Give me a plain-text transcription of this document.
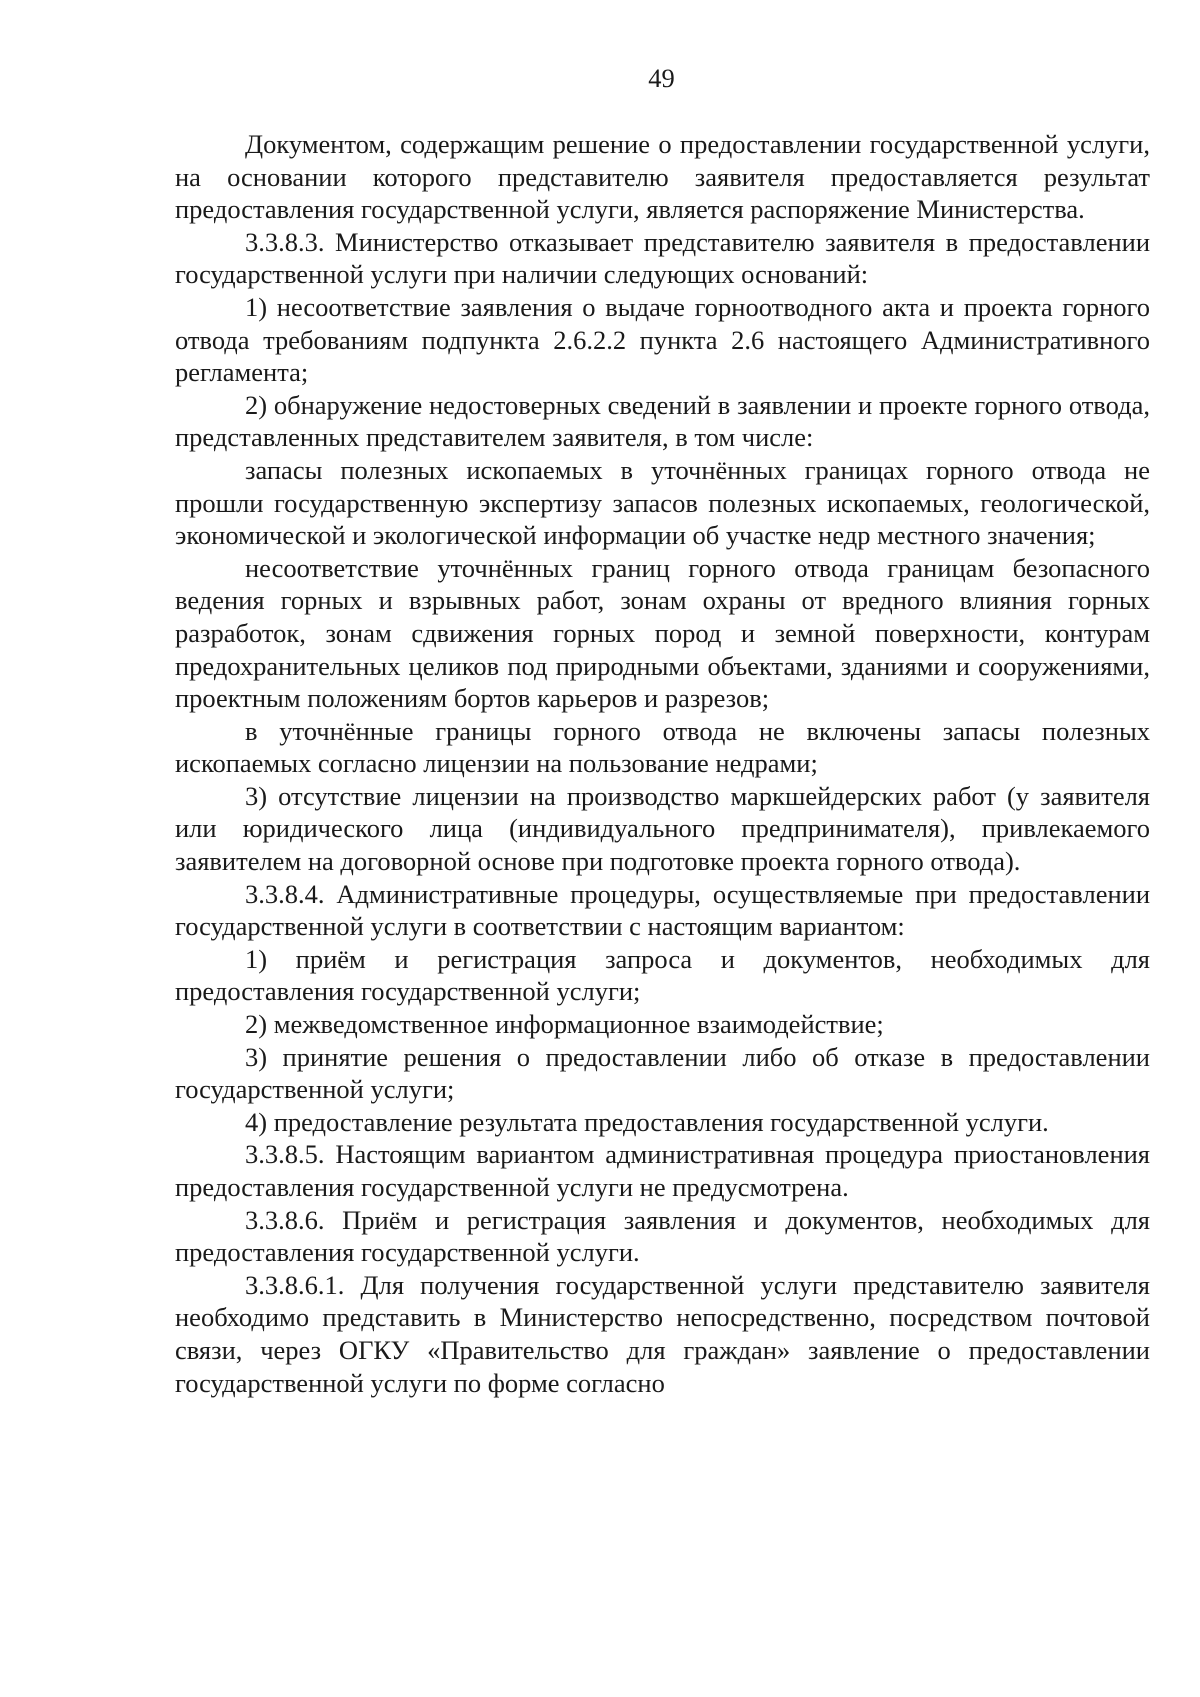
49

Документом, содержащим решение о предоставлении государственной услуги, на основании которого представителю заявителя предоставляется результат предоставления государственной услуги, является распоряжение Министерства.

3.3.8.3. Министерство отказывает представителю заявителя в предоставлении государственной услуги при наличии следующих оснований:

1) несоответствие заявления о выдаче горноотводного акта и проекта горного отвода требованиям подпункта 2.6.2.2 пункта 2.6 настоящего Административного регламента;

2) обнаружение недостоверных сведений в заявлении и проекте горного отвода, представленных представителем заявителя, в том числе:

запасы полезных ископаемых в уточнённых границах горного отвода не прошли государственную экспертизу запасов полезных ископаемых, геологической, экономической и экологической информации об участке недр местного значения;

несоответствие уточнённых границ горного отвода границам безопасного ведения горных и взрывных работ, зонам охраны от вредного влияния горных разработок, зонам сдвижения горных пород и земной поверхности, контурам предохранительных целиков под природными объектами, зданиями и сооружениями, проектным положениям бортов карьеров и разрезов;

в уточнённые границы горного отвода не включены запасы полезных ископаемых согласно лицензии на пользование недрами;

3) отсутствие лицензии на производство маркшейдерских работ (у заявителя или юридического лица (индивидуального предпринимателя), привлекаемого заявителем на договорной основе при подготовке проекта горного отвода).

3.3.8.4. Административные процедуры, осуществляемые при предоставлении государственной услуги в соответствии с настоящим вариантом:

1) приём и регистрация запроса и документов, необходимых для предоставления государственной услуги;

2) межведомственное информационное взаимодействие;

3) принятие решения о предоставлении либо об отказе в предоставлении государственной услуги;

4) предоставление результата предоставления государственной услуги.

3.3.8.5. Настоящим вариантом административная процедура приостановления предоставления государственной услуги не предусмотрена.

3.3.8.6. Приём и регистрация заявления и документов, необходимых для предоставления государственной услуги.

3.3.8.6.1. Для получения государственной услуги представителю заявителя необходимо представить в Министерство непосредственно, посредством почтовой связи, через ОГКУ «Правительство для граждан» заявление о предоставлении государственной услуги по форме согласно
